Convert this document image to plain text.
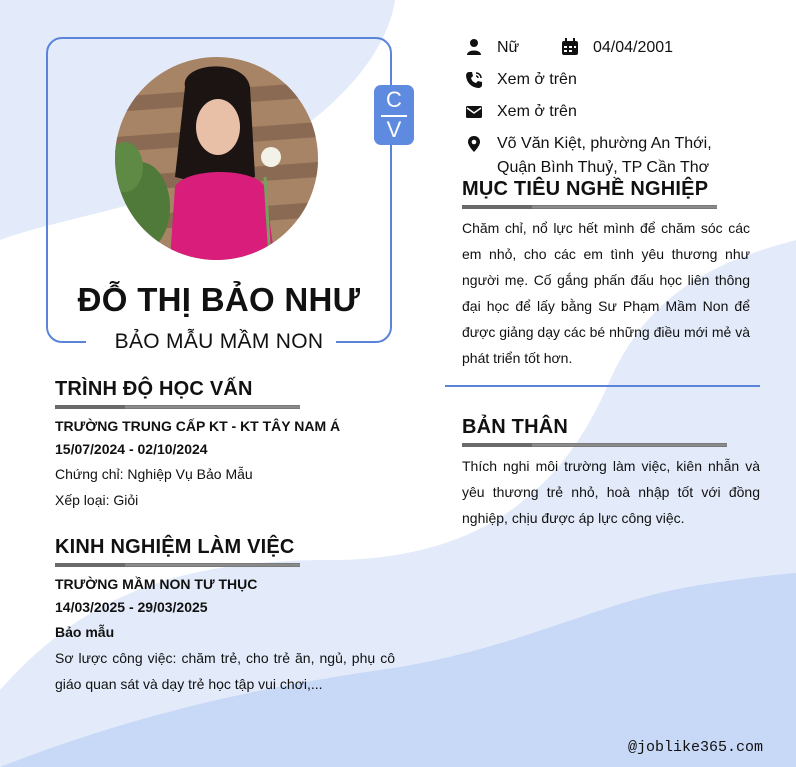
C
V
ĐỖ THỊ BẢO NHƯ
BẢO MẪU MẦM NON
Nữ	04/04/2001
Xem ở trên
Xem ở trên
Võ Văn Kiệt, phường An Thới,
Quận Bình Thuỷ, TP Cần Thơ
MỤC TIÊU NGHỀ NGHIỆP
Chăm chỉ, nổ lực hết mình để chăm sóc các
em nhỏ, cho các em tình yêu thương như
người mẹ. Cố gắng phấn đấu học liên thông
đại học để lấy bằng Sư Phạm Mầm Non để
được giảng dạy các bé những điều mới mẻ và
phát triển tốt hơn.
BẢN THÂN
Thích nghi môi trường làm việc, kiên nhẫn và
yêu thương trẻ nhỏ, hoà nhập tốt với đồng
nghiệp, chịu được áp lực công việc.
TRÌNH ĐỘ HỌC VẤN
TRƯỜNG TRUNG CẤP KT - KT TÂY NAM Á
15/07/2024 - 02/10/2024
Chứng chỉ: Nghiệp Vụ Bảo Mẫu
Xếp loại: Giỏi
KINH NGHIỆM LÀM VIỆC
TRƯỜNG MẦM NON TƯ THỤC
14/03/2025 - 29/03/2025
Bảo mẫu
Sơ lược công việc: chăm trẻ, cho trẻ ăn, ngủ, phụ cô
giáo quan sát và dạy trẻ học tập vui chơi,...
@joblike365.com
